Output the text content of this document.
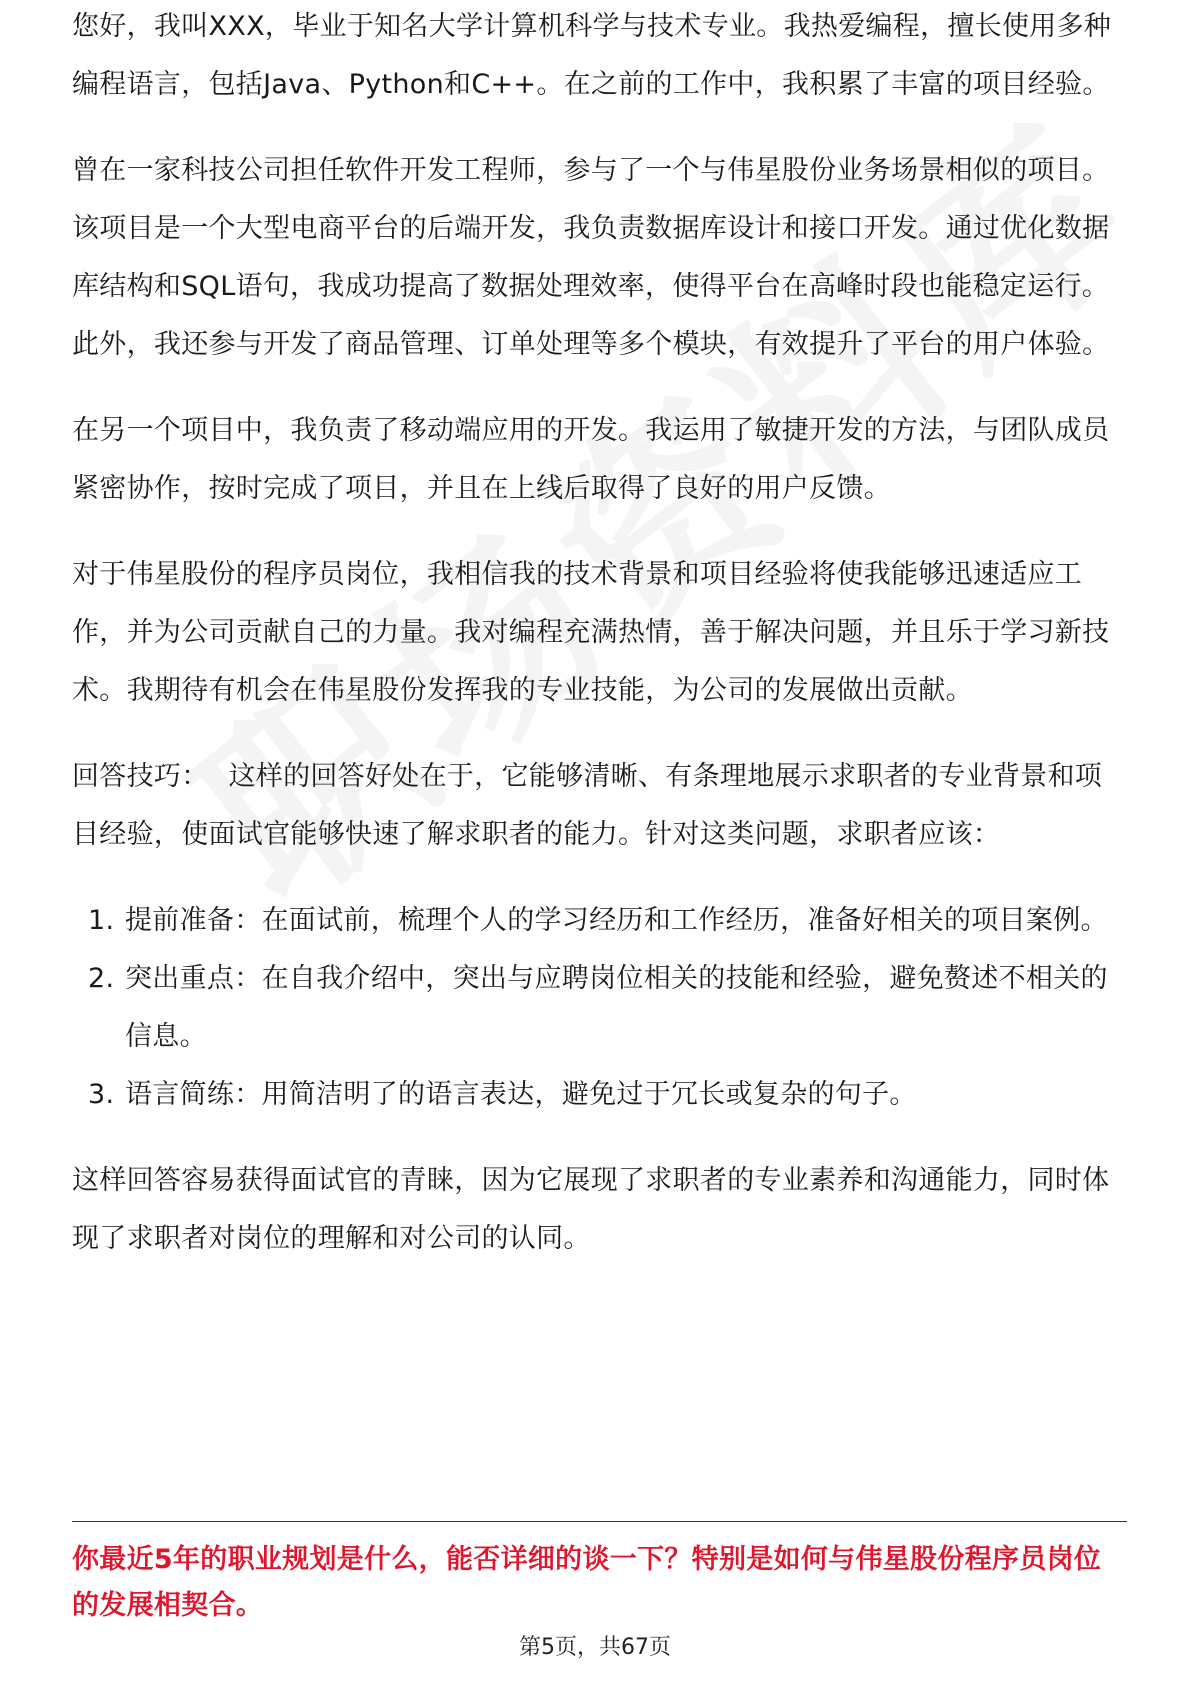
您好，我叫XXX，毕业于知名大学计算机科学与技术专业。我热爱编程，擅长使用多种编程语言，包括Java、Python和C++。在之前的工作中，我积累了丰富的项目经验。

曾在一家科技公司担任软件开发工程师，参与了一个与伟星股份业务场景相似的项目。该项目是一个大型电商平台的后端开发，我负责数据库设计和接口开发。通过优化数据库结构和SQL语句，我成功提高了数据处理效率，使得平台在高峰时段也能稳定运行。此外，我还参与开发了商品管理、订单处理等多个模块，有效提升了平台的用户体验。

在另一个项目中，我负责了移动端应用的开发。我运用了敏捷开发的方法，与团队成员紧密协作，按时完成了项目，并且在上线后取得了良好的用户反馈。

对于伟星股份的程序员岗位，我相信我的技术背景和项目经验将使我能够迅速适应工作，并为公司贡献自己的力量。我对编程充满热情，善于解决问题，并且乐于学习新技术。我期待有机会在伟星股份发挥我的专业技能，为公司的发展做出贡献。

回答技巧： 这样的回答好处在于，它能够清晰、有条理地展示求职者的专业背景和项目经验，使面试官能够快速了解求职者的能力。针对这类问题，求职者应该：

1. 提前准备：在面试前，梳理个人的学习经历和工作经历，准备好相关的项目案例。
2. 突出重点：在自我介绍中，突出与应聘岗位相关的技能和经验，避免赘述不相关的信息。
3. 语言简练：用简洁明了的语言表达，避免过于冗长或复杂的句子。

这样回答容易获得面试官的青睐，因为它展现了求职者的专业素养和沟通能力，同时体现了求职者对岗位的理解和对公司的认同。

你最近5年的职业规划是什么，能否详细的谈一下？特别是如何与伟星股份程序员岗位的发展相契合。
第5页，共67页
